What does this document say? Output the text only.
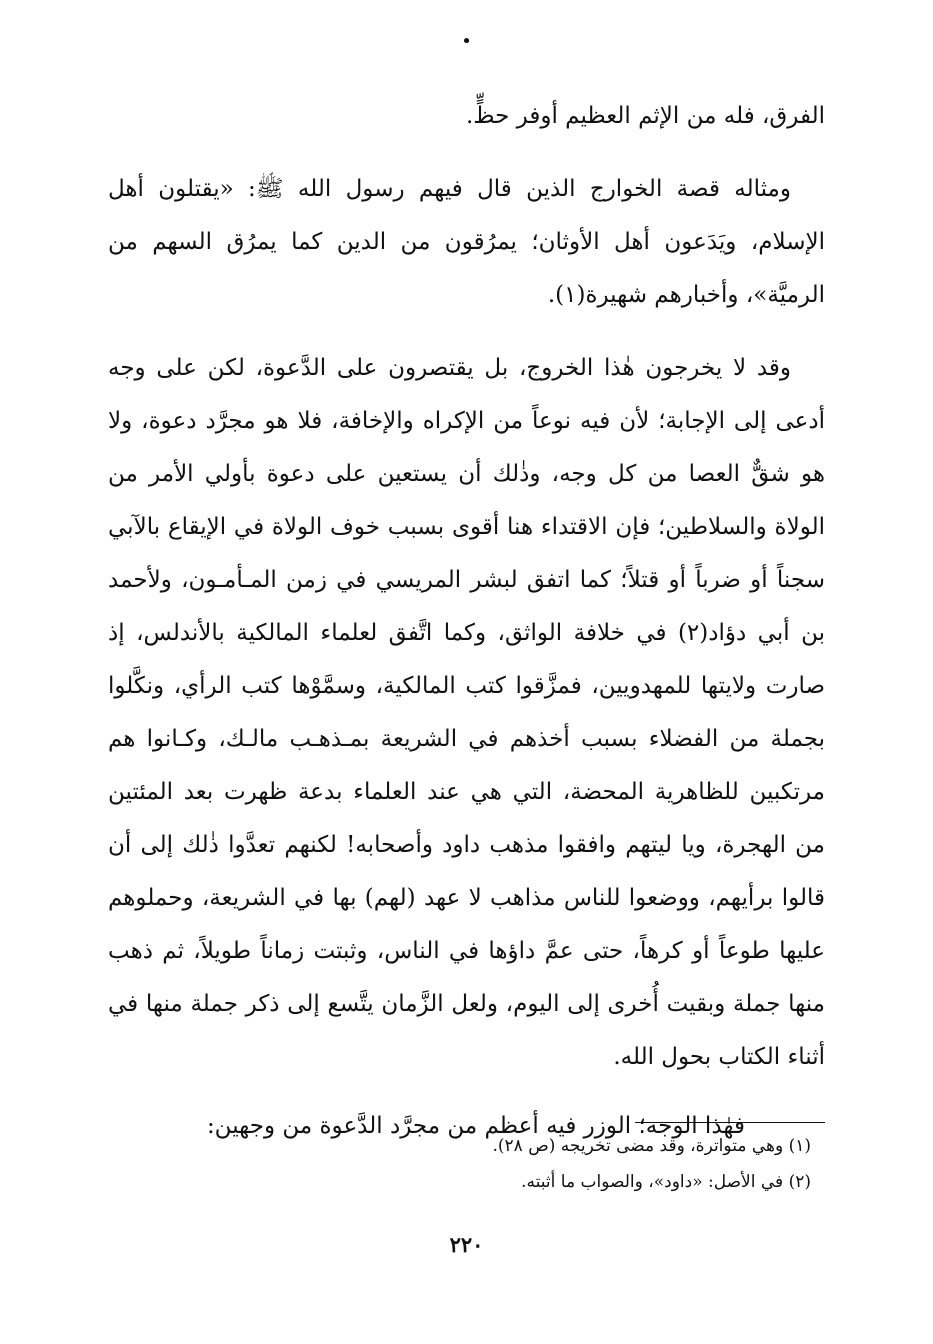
•

الفرق، فله من الإثم العظيم أوفر حظٍّ.

ومثاله قصة الخوارج الذين قال فيهم رسول الله ﷺ: «يقتلون أهل الإسلام، ويَدَعون أهل الأوثان؛ يمرُقون من الدين كما يمرُق السهم من الرميَّة»، وأخبارهم شهيرة(١).

وقد لا يخرجون هٰذا الخروج، بل يقتصرون على الدَّعوة، لكن على وجه أدعى إلى الإجابة؛ لأن فيه نوعاً من الإكراه والإخافة، فلا هو مجرَّد دعوة، ولا هو شقٌّ العصا من كل وجه، وذٰلك أن يستعين على دعوة بأولي الأمر من الولاة والسلاطين؛ فإن الاقتداء هنا أقوى بسبب خوف الولاة في الإيقاع بالآبي سجناً أو ضرباً أو قتلاً؛ كما اتفق لبشر المريسي في زمن المـأمـون، ولأحمد بن أبي دؤاد(٢) في خلافة الواثق، وكما اتَّفق لعلماء المالكية بالأندلس، إذ صارت ولايتها للمهدويين، فمزَّقوا كتب المالكية، وسمَّوْها كتب الرأي، ونكَّلوا بجملة من الفضلاء بسبب أخذهم في الشريعة بمـذهـب مالـك، وكـانوا هم مرتكبين للظاهرية المحضة، التي هي عند العلماء بدعة ظهرت بعد المئتين من الهجرة، ويا ليتهم وافقوا مذهب داود وأصحابه! لكنهم تعدَّوا ذٰلك إلى أن قالوا برأيهم، ووضعوا للناس مذاهب لا عهد (لهم) بها في الشريعة، وحملوهم عليها طوعاً أو كرهاً، حتى عمَّ داؤها في الناس، وثبتت زماناً طويلاً، ثم ذهب منها جملة وبقيت أُخرى إلى اليوم، ولعل الزَّمان يتَّسع إلى ذكر جملة منها في أثناء الكتاب بحول الله.

فهٰذا الوجه؛ الوزر فيه أعظم من مجرَّد الدَّعوة من وجهين:

(١) وهي متواترة، وقد مضى تخريجه (ص ٢٨).
(٢) في الأصل: «داود»، والصواب ما أثبته.
٢٢٠
